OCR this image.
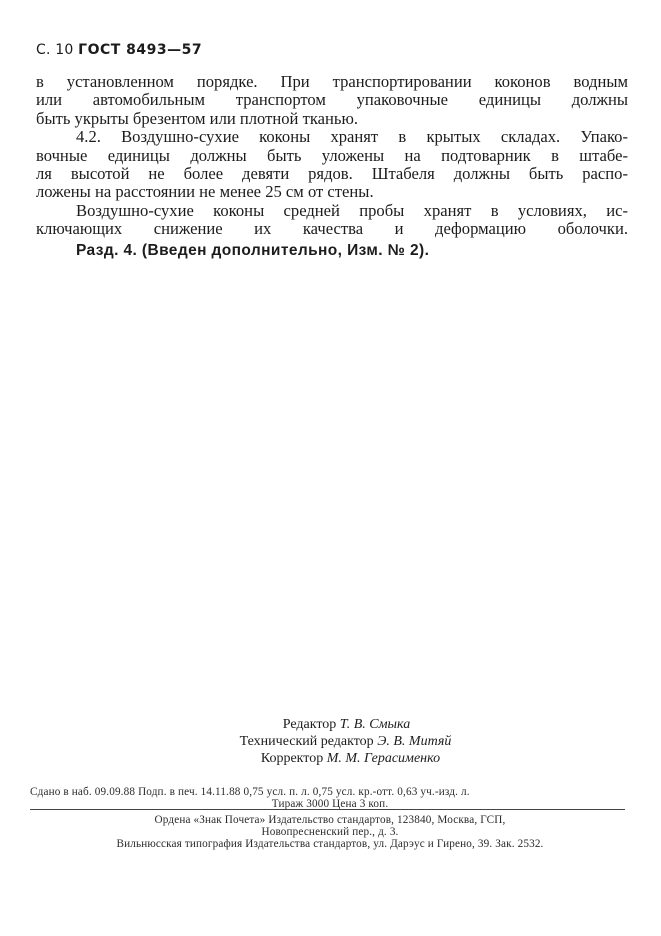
С. 10 ГОСТ 8493—57
в установленном порядке. При транспортировании коконов водным
или автомобильным транспортом упаковочные единицы должны
быть укрыты брезентом или плотной тканью.
4.2. Воздушно-сухие коконы хранят в крытых складах. Упако-
вочные единицы должны быть уложены на подтоварник в штабе-
ля высотой не более девяти рядов. Штабеля должны быть распо-
ложены на расстоянии не менее 25 см от стены.
Воздушно-сухие коконы средней пробы хранят в условиях, ис-
ключающих снижение их качества и деформацию оболочки.
Разд. 4. (Введен дополнительно, Изм. № 2).
Редактор Т. В. Смыка
Технический редактор Э. В. Митяй
Корректор М. М. Герасименко
Сдано в наб. 09.09.88 Подп. в печ. 14.11.88 0,75 усл. п. л. 0,75 усл. кр.-отт. 0,63 уч.-изд. л.
Тираж 3000 Цена 3 коп.
Ордена «Знак Почета» Издательство стандартов, 123840, Москва, ГСП,
Новопресненский пер., д. 3.
Вильнюсская типография Издательства стандартов, ул. Дарэус и Гирено, 39. Зак. 2532.
